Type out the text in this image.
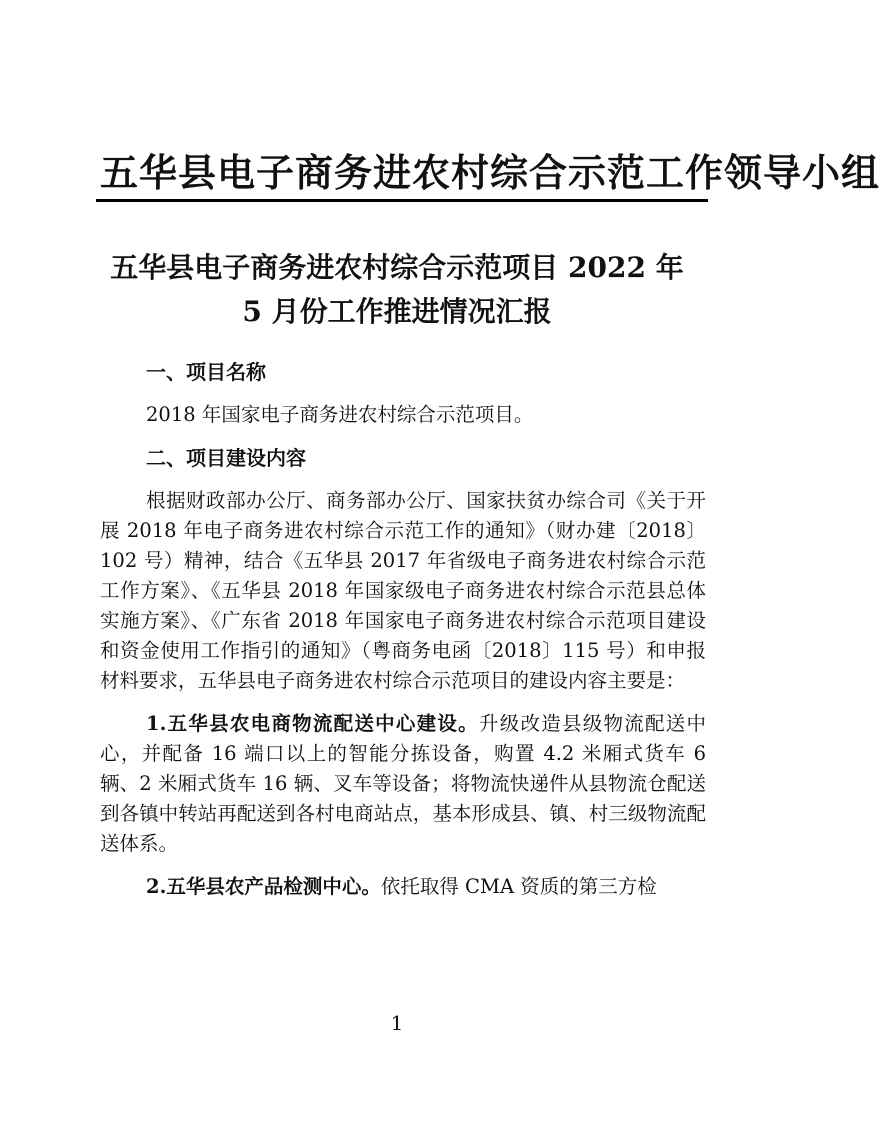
五华县电子商务进农村综合示范工作领导小组
五华县电子商务进农村综合示范项目 2022 年
5 月份工作推进情况汇报
一、项目名称
2018 年国家电子商务进农村综合示范项目。
二、项目建设内容
根据财政部办公厅、商务部办公厅、国家扶贫办综合司《关于开展 2018 年电子商务进农村综合示范工作的通知》（财办建〔2018〕102 号）精神，结合《五华县 2017 年省级电子商务进农村综合示范工作方案》、《五华县 2018 年国家级电子商务进农村综合示范县总体实施方案》、《广东省 2018 年国家电子商务进农村综合示范项目建设和资金使用工作指引的通知》（粤商务电函〔2018〕115 号）和申报材料要求，五华县电子商务进农村综合示范项目的建设内容主要是：
1.五华县农电商物流配送中心建设。升级改造县级物流配送中心，并配备 16 端口以上的智能分拣设备，购置 4.2 米厢式货车 6 辆、2 米厢式货车 16 辆、叉车等设备；将物流快递件从县物流仓配送到各镇中转站再配送到各村电商站点，基本形成县、镇、村三级物流配送体系。
2.五华县农产品检测中心。依托取得 CMA 资质的第三方检
1
